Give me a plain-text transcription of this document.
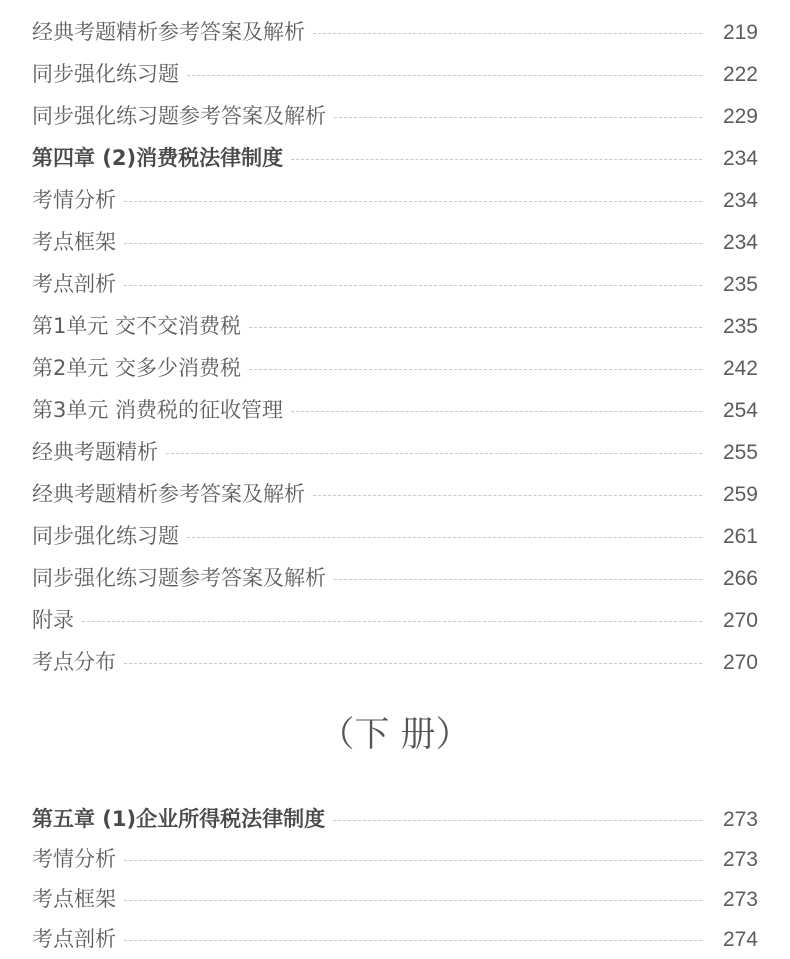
经典考题精析参考答案及解析	219
同步强化练习题	222
同步强化练习题参考答案及解析	229
第四章 (2)消费税法律制度	234
考情分析	234
考点框架	234
考点剖析	235
第1单元 交不交消费税	235
第2单元 交多少消费税	242
第3单元 消费税的征收管理	254
经典考题精析	255
经典考题精析参考答案及解析	259
同步强化练习题	261
同步强化练习题参考答案及解析	266
附录	270
考点分布	270
（下 册）
第五章 (1)企业所得税法律制度	273
考情分析	273
考点框架	273
考点剖析	274
